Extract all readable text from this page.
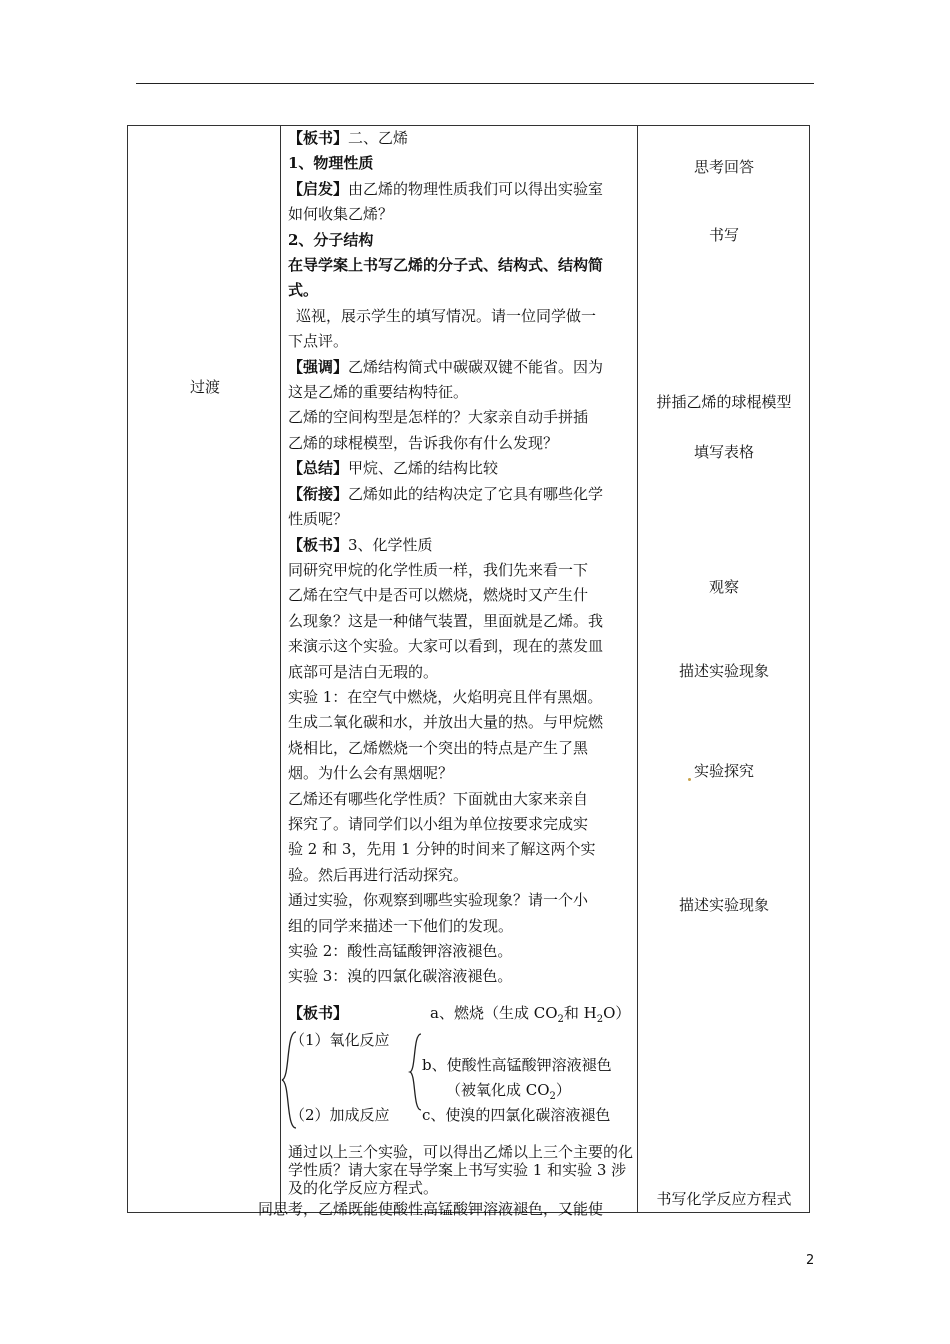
过渡

【板书】二、乙烯

1、物理性质

【启发】由乙烯的物理性质我们可以得出实验室

如何收集乙烯？

2、分子结构

在导学案上书写乙烯的分子式、结构式、结构简

式。

巡视，展示学生的填写情况。请一位同学做一

下点评。

【强调】乙烯结构简式中碳碳双键不能省。因为

这是乙烯的重要结构特征。

乙烯的空间构型是怎样的？大家亲自动手拼插

乙烯的球棍模型，告诉我你有什么发现？

【总结】甲烷、乙烯的结构比较

【衔接】乙烯如此的结构决定了它具有哪些化学

性质呢？

【板书】3、化学性质

同研究甲烷的化学性质一样，我们先来看一下

乙烯在空气中是否可以燃烧，燃烧时又产生什

么现象？这是一种储气装置，里面就是乙烯。我

来演示这个实验。大家可以看到，现在的蒸发皿

底部可是洁白无瑕的。

实验 1：在空气中燃烧，火焰明亮且伴有黑烟。

生成二氧化碳和水，并放出大量的热。与甲烷燃

烧相比，乙烯燃烧一个突出的特点是产生了黑

烟。为什么会有黑烟呢？

乙烯还有哪些化学性质？下面就由大家来亲自

探究了。请同学们以小组为单位按要求完成实

验 2 和 3，先用 1 分钟的时间来了解这两个实

验。然后再进行活动探究。

通过实验，你观察到哪些实验现象？请一个小

组的同学来描述一下他们的发现。

实验 2：酸性高锰酸钾溶液褪色。

实验 3：溴的四氯化碳溶液褪色。

【板书】	a、燃烧（生成 $CO_2$和 $H_2O$）
（1）氧化反应
b、使酸性高锰酸钾溶液褪色
（被氧化成 $CO_2$）
（2）加成反应 c、使溴的四氯化碳溶液褪色
通过以上三个实验，可以得出乙烯以上三个主要的化学性质？请大家在导学案上书写实验 1 和实验 3 涉及的化学反应方程式。
同思考，乙烯既能使酸性高锰酸钾溶液褪色，又能使
思考回答
书写
拼插乙烯的球棍模型
填写表格
观察
描述实验现象
实验探究
描述实验现象
书写化学反应方程式
2
